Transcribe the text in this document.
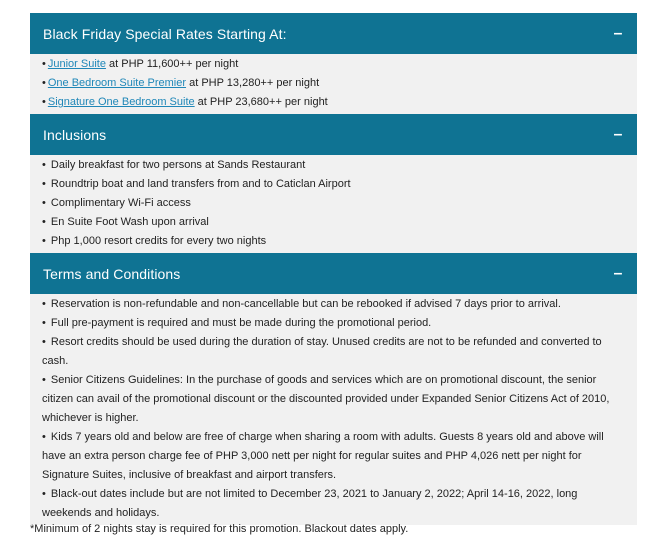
Black Friday Special Rates Starting At:	–
• Junior Suite at PHP 11,600++ per night
• One Bedroom Suite Premier at PHP 13,280++ per night
• Signature One Bedroom Suite at PHP 23,680++ per night
Inclusions	–
• Daily breakfast for two persons at Sands Restaurant
• Roundtrip boat and land transfers from and to Caticlan Airport
• Complimentary Wi-Fi access
• En Suite Foot Wash upon arrival
• Php 1,000 resort credits for every two nights
Terms and Conditions	–
• Reservation is non-refundable and non-cancellable but can be rebooked if advised 7 days prior to arrival.
• Full pre-payment is required and must be made during the promotional period.
• Resort credits should be used during the duration of stay. Unused credits are not to be refunded and converted to cash.
• Senior Citizens Guidelines: In the purchase of goods and services which are on promotional discount, the senior citizen can avail of the promotional discount or the discounted provided under Expanded Senior Citizens Act of 2010, whichever is higher.
• Kids 7 years old and below are free of charge when sharing a room with adults. Guests 8 years old and above will have an extra person charge fee of PHP 3,000 nett per night for regular suites and PHP 4,026 nett per night for Signature Suites, inclusive of breakfast and airport transfers.
• Black-out dates include but are not limited to December 23, 2021 to January 2, 2022; April 14-16, 2022, long weekends and holidays.
*Minimum of 2 nights stay is required for this promotion. Blackout dates apply.
